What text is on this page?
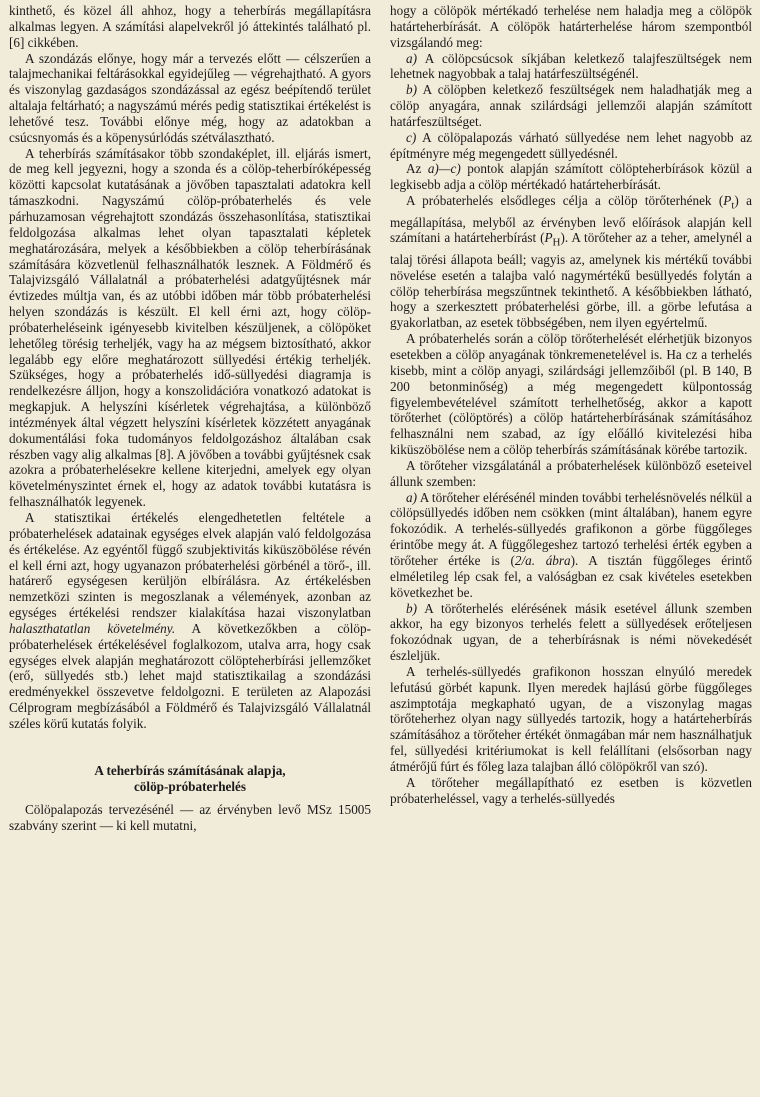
kinthető, és közel áll ahhoz, hogy a teherbírás megállapításra alkalmas legyen. A számítási alapelvekről jó áttekintés található pl. [6] cikkében.

A szondázás előnye, hogy már a tervezés előtt — célszerűen a talajmechanikai feltárásokkal egyidejűleg — végrehajtható. A gyors és viszonylag gazdaságos szondázással az egész beépítendő terület altalaja feltárható; a nagyszámú mérés pedig statisztikai értékelést is lehetővé tesz. További előnye még, hogy az adatokban a csúcsnyomás és a köpenysúrlódás szétválasztható.

A teherbírás számításakor több szondaképlet, ill. eljárás ismert, de meg kell jegyezni, hogy a szonda és a cölöp-teherbíróképesség közötti kapcsolat kutatásának a jövőben tapasztalati adatokra kell támaszkodni. Nagyszámú cölöp-próbaterhelés és vele párhuzamosan végrehajtott szondázás összehasonlítása, statisztikai feldolgozása alkalmas lehet olyan tapasztalati képletek meghatározására, melyek a későbbiekben a cölöp teherbírásának számítására közvetlenül felhasználhatók lesznek. A Földmérő és Talajvizsgáló Vállalatnál a próbaterhelési adatgyűjtésnek már évtizedes múltja van, és az utóbbi időben már több próbaterhelési helyen szondázás is készült. El kell érni azt, hogy cölöp-próbaterheléseink igényesebb kivitelben készüljenek, a cölöpöket lehetőleg törésig terheljék, vagy ha az mégsem biztosítható, akkor legalább egy előre meghatározott süllyedési értékig terheljék. Szükséges, hogy a próbaterhelés idő-süllyedési diagramja is rendelkezésre álljon, hogy a konszolidációra vonatkozó adatokat is megkapjuk. A helyszíni kísérletek végrehajtása, a különböző intézmények által végzett helyszíni kísérletek közzétett anyagának dokumentálási foka tudományos feldolgozáshoz általában csak részben vagy alig alkalmas [8]. A jövőben a további gyűjtésnek csak azokra a próbaterhelésekre kellene kiterjedni, amelyek egy olyan követelményszintet érnek el, hogy az adatok további kutatásra is felhasználhatók legyenek.

A statisztikai értékelés elengedhetetlen feltétele a próbaterhelések adatainak egységes elvek alapján való feldolgozása és értékelése. Az egyéntől függő szubjektivitás kiküszöbölése révén el kell érni azt, hogy ugyanazon próbaterhelési görbénél a törő-, ill. határerő egységesen kerüljön elbírálásra. Az értékelésben nemzetközi szinten is megoszlanak a vélemények, azonban az egységes értékelési rendszer kialakítása hazai viszonylatban halaszthatatlan követelmény. A következőkben a cölöp-próbaterhelések értékelésével foglalkozom, utalva arra, hogy csak egységes elvek alapján meghatározott cölöpteherbírási jellemzőket (erő, süllyedés stb.) lehet majd statisztikailag a szondázási eredményekkel összevetve feldolgozni. E területen az Alapozási Célprogram megbízásából a Földmérő és Talajvizsgáló Vállalatnál széles körű kutatás folyik.

A teherbírás számításának alapja,
cölöp-próbaterhelés

Cölöpalapozás tervezésénél — az érvényben levő MSz 15005 szabvány szerint — ki kell mutatni,

hogy a cölöpök mértékadó terhelése nem haladja meg a cölöpök határteherbírását. A cölöpök határterhelése három szempontból vizsgálandó meg:

a) A cölöpcsúcsok síkjában keletkező talajfeszültségek nem lehetnek nagyobbak a talaj határfeszültségénél.

b) A cölöpben keletkező feszültségek nem haladhatják meg a cölöp anyagára, annak szilárdsági jellemzői alapján számított határfeszültséget.

c) A cölöpalapozás várható süllyedése nem lehet nagyobb az építményre még megengedett süllyedésnél.

Az a)—c) pontok alapján számított cölöpteherbírások közül a legkisebb adja a cölöp mértékadó határteherbírását.

A próbaterhelés elsődleges célja a cölöp törőterhének $(P_t)$ a megállapítása, melyből az érvényben levő előírások alapján kell számítani a határteherbírást $(P_H)$. A törőteher az a teher, amelynél a talaj törési állapota beáll; vagyis az, amelynek kis mértékű további növelése esetén a talajba való nagymértékű besüllyedés folytán a cölöp teherbírása megszűntnek tekinthető. A későbbiekben látható, hogy a szerkesztett próbaterhelési görbe, ill. a görbe lefutása a gyakorlatban, az esetek többségében, nem ilyen egyértelmű.

A próbaterhelés során a cölöp törőterhelését elérhetjük bizonyos esetekben a cölöp anyagának tönkremenetelével is. Ha cz a terhelés kisebb, mint a cölöp anyagi, szilárdsági jellemzőiből (pl. B 140, B 200 betonminőség) a még megengedett külpontosság figyelembevételével számított terhelhetőség, akkor a kapott törőterhet (cölöptörés) a cölöp határteherbírásának számításához felhasználni nem szabad, az így előálló kivitelezési hiba kiküszöbölése nem a cölöp teherbírás számításának körébe tartozik.

A törőteher vizsgálatánál a próbaterhelések különböző eseteivel állunk szemben:

a) A törőteher elérésénél minden további terhelésnövelés nélkül a cölöpsüllyedés időben nem csökken (mint általában), hanem egyre fokozódik. A terhelés-süllyedés grafikonon a görbe függőleges érintőbe megy át. A függőlegeshez tartozó terhelési érték egyben a törőteher értéke is (2/a. ábra). A tisztán függőleges érintő elméletileg lép csak fel, a valóságban ez csak kivételes esetekben következhet be.

b) A törőterhelés elérésének másik esetével állunk szemben akkor, ha egy bizonyos terhelés felett a süllyedések erőteljesen fokozódnak ugyan, de a teherbírásnak is némi növekedését észleljük.

A terhelés-süllyedés grafikonon hosszan elnyúló meredek lefutású görbét kapunk. Ilyen meredek hajlású görbe függőleges aszimptotája megkapható ugyan, de a viszonylag magas törőteherhez olyan nagy süllyedés tartozik, hogy a határteherbírás számításához a törőteher értékét önmagában már nem használhatjuk fel, süllyedési kritériumokat is kell felállítani (elsősorban nagy átmérőjű fúrt és főleg laza talajban álló cölöpökről van szó).

A törőteher megállapítható ez esetben is közvetlen próbaterheléssel, vagy a terhelés-süllyedés
